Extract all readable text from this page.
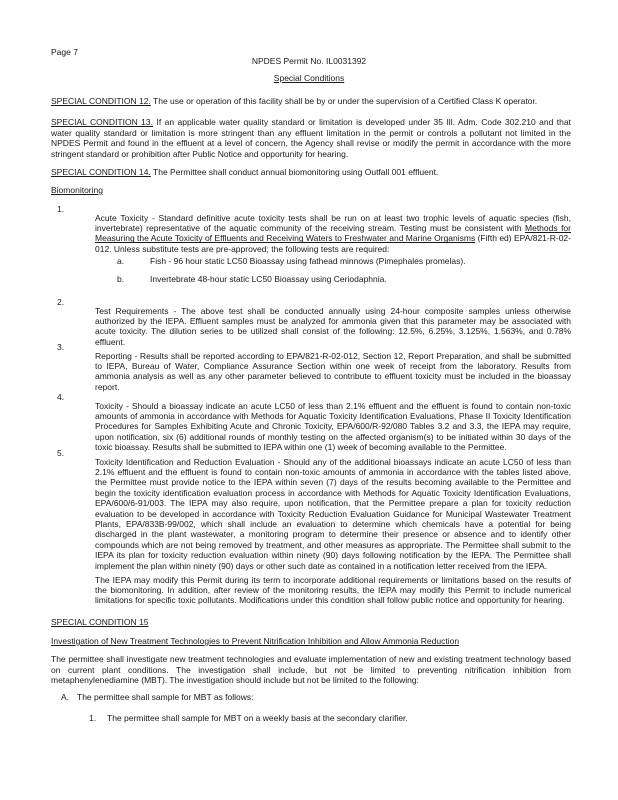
Page 7
NPDES Permit No. IL0031392
Special Conditions

SPECIAL CONDITION 12. The use or operation of this facility shall be by or under the supervision of a Certified Class K operator.

SPECIAL CONDITION 13. If an applicable water quality standard or limitation is developed under 35 Ill. Adm. Code 302.210 and that water quality standard or limitation is more stringent than any effluent limitation in the permit or controls a pollutant not limited in the NPDES Permit and found in the effluent at a level of concern, the Agency shall revise or modify the permit in accordance with the more stringent standard or prohibition after Public Notice and opportunity for hearing.

SPECIAL CONDITION 14. The Permittee shall conduct annual biomonitoring using Outfall 001 effluent.

Biomonitoring
1.

Acute Toxicity - Standard definitive acute toxicity tests shall be run on at least two trophic levels of aquatic species (fish, invertebrate) representative of the aquatic community of the receiving stream. Testing must be consistent with Methods for Measuring the Acute Toxicity of Effluents and Receiving Waters to Freshwater and Marine Organisms (Fifth ed) EPA/821-R-02-012. Unless substitute tests are pre-approved; the following tests are required:

a.	Fish - 96 hour static LC50 Bioassay using fathead minnows (Pimephales promelas).
b.	Invertebrate 48-hour static LC50 Bioassay using Ceriodaphnia.
2.

Test Requirements - The above test shall be conducted annually using 24-hour composite samples unless otherwise authorized by the IEPA. Effluent samples must be analyzed for ammonia given that this parameter may be associated with acute toxicity. The dilution series to be utilized shall consist of the following: 12.5%, 6.25%, 3.125%, 1.563%, and 0.78% effluent.

3.

Reporting - Results shall be reported according to EPA/821-R-02-012, Section 12, Report Preparation, and shall be submitted to IEPA, Bureau of Water, Compliance Assurance Section within one week of receipt from the laboratory. Results from ammonia analysis as well as any other parameter believed to contribute to effluent toxicity must be included in the bioassay report.

4.

Toxicity - Should a bioassay indicate an acute LC50 of less than 2.1% effluent and the effluent is found to contain non-toxic amounts of ammonia in accordance with Methods for Aquatic Toxicity Identification Evaluations, Phase II Toxicity Identification Procedures for Samples Exhibiting Acute and Chronic Toxicity, EPA/600/R-92/080 Tables 3.2 and 3.3, the IEPA may require, upon notification, six (6) additional rounds of monthly testing on the affected organism(s) to be initiated within 30 days of the toxic bioassay. Results shall be submitted to IEPA within one (1) week of becoming available to the Permittee.

5.

Toxicity Identification and Reduction Evaluation - Should any of the additional bioassays indicate an acute LC50 of less than 2.1% effluent and the effluent is found to contain non-toxic amounts of ammonia in accordance with the tables listed above, the Permittee must provide notice to the IEPA within seven (7) days of the results becoming available to the Permittee and begin the toxicity identification evaluation process in accordance with Methods for Aquatic Toxicity Identification Evaluations, EPA/600/6-91/003. The IEPA may also require, upon notification, that the Permittee prepare a plan for toxicity reduction evaluation to be developed in accordance with Toxicity Reduction Evaluation Guidance for Municipal Wastewater Treatment Plants, EPA/833B-99/002, which shall include an evaluation to determine which chemicals have a potential for being discharged in the plant wastewater, a monitoring program to determine their presence or absence and to identify other compounds which are not being removed by treatment, and other measures as appropriate. The Permittee shall submit to the IEPA its plan for toxicity reduction evaluation within ninety (90) days following notification by the IEPA. The Permittee shall implement the plan within ninety (90) days or other such date as contained in a notification letter received from the IEPA.

The IEPA may modify this Permit during its term to incorporate additional requirements or limitations based on the results of the biomonitoring. In addition, after review of the monitoring results, the IEPA may modify this Permit to include numerical limitations for specific toxic pollutants. Modifications under this condition shall follow public notice and opportunity for hearing.

SPECIAL CONDITION 15
Investigation of New Treatment Technologies to Prevent Nitrification Inhibition and Allow Ammonia Reduction

The permittee shall investigate new treatment technologies and evaluate implementation of new and existing treatment technology based on current plant conditions. The investigation shall include, but not be limited to preventing nitrification inhibition from metaphenylenediamine (MBT). The investigation should include but not be limited to the following:

A. The permittee shall sample for MBT as follows:
1. The permittee shall sample for MBT on a weekly basis at the secondary clarifier.
